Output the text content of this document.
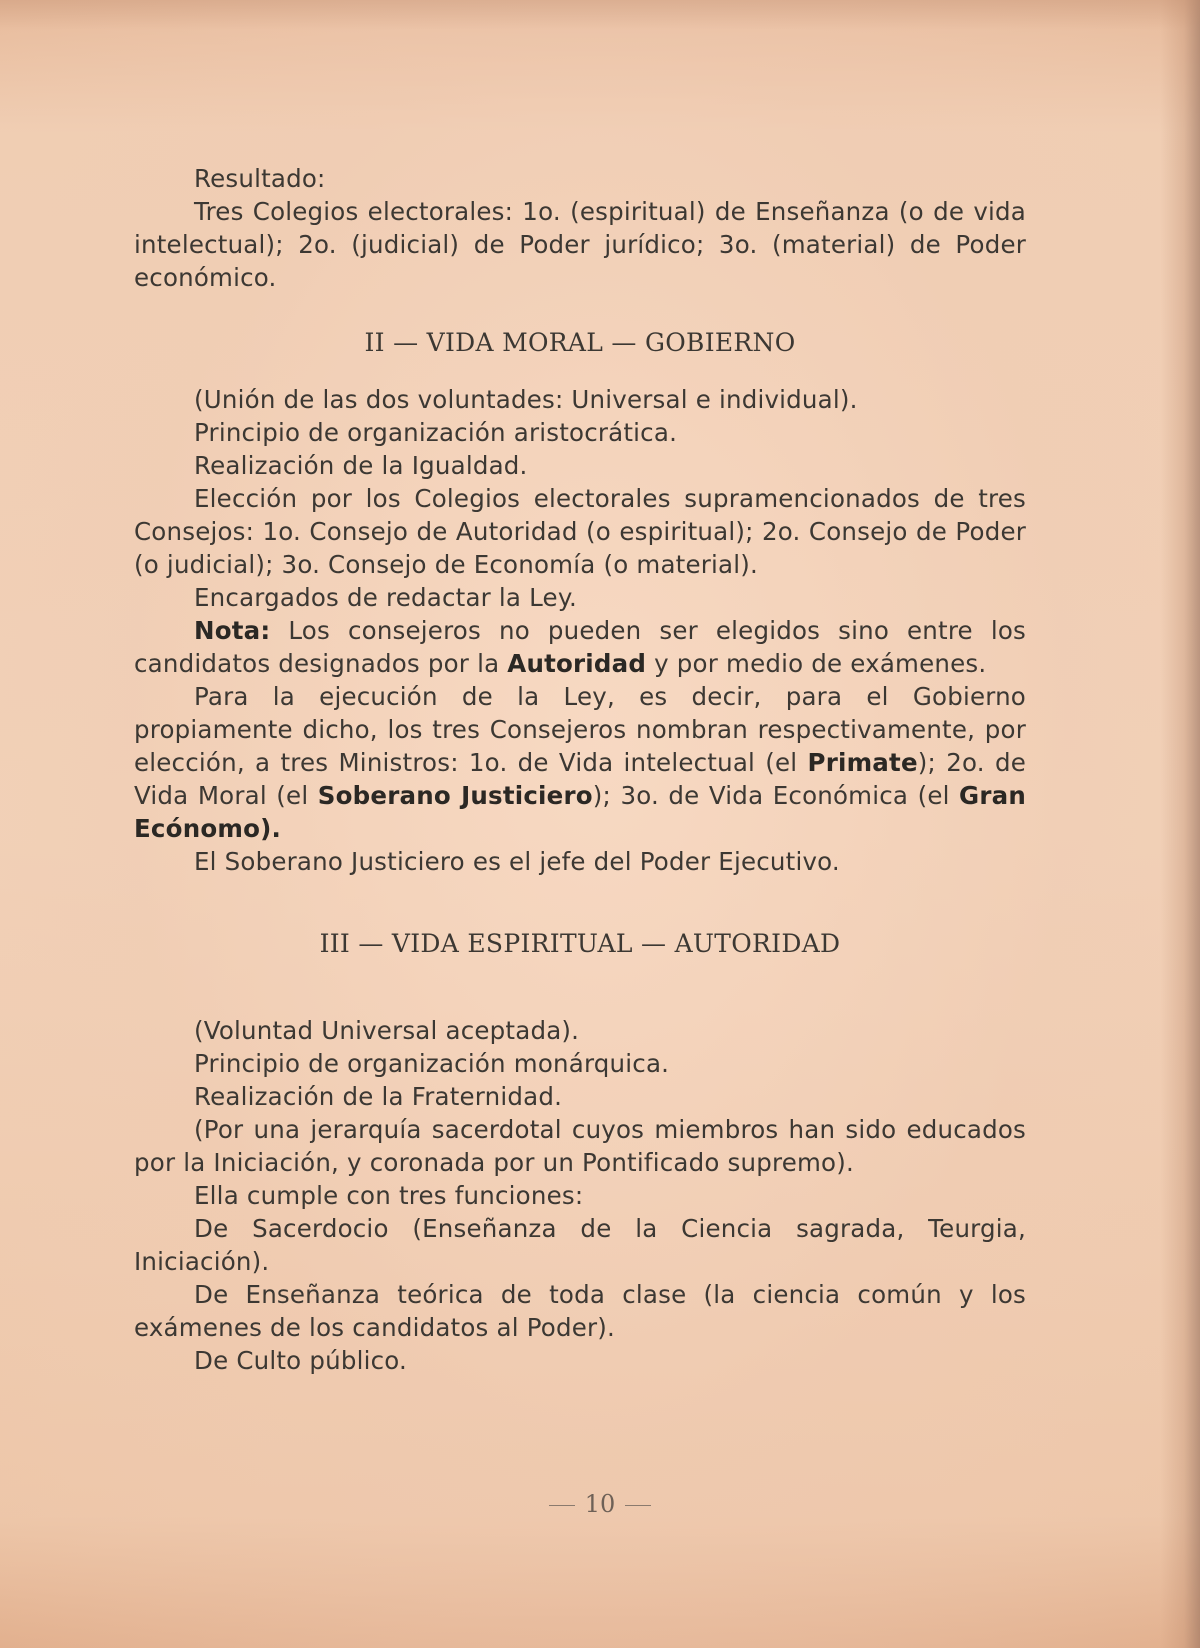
Resultado:

Tres Colegios electorales: 1o. (espiritual) de Enseñanza (o de vida intelectual); 2o. (judicial) de Poder jurídico; 3o. (material) de Poder económico.

II — VIDA MORAL — GOBIERNO

(Unión de las dos voluntades: Universal e individual).

Principio de organización aristocrática.

Realización de la Igualdad.

Elección por los Colegios electorales supramencionados de tres Consejos: 1o. Consejo de Autoridad (o espiritual); 2o. Consejo de Poder (o judicial); 3o. Consejo de Economía (o material).

Encargados de redactar la Ley.

Nota: Los consejeros no pueden ser elegidos sino entre los candidatos designados por la Autoridad y por medio de exámenes.

Para la ejecución de la Ley, es decir, para el Gobierno propiamente dicho, los tres Consejeros nombran respectivamente, por elección, a tres Ministros: 1o. de Vida intelectual (el Primate); 2o. de Vida Moral (el Soberano Justiciero); 3o. de Vida Económica (el Gran Ecónomo).

El Soberano Justiciero es el jefe del Poder Ejecutivo.

III — VIDA ESPIRITUAL — AUTORIDAD

(Voluntad Universal aceptada).

Principio de organización monárquica.

Realización de la Fraternidad.

(Por una jerarquía sacerdotal cuyos miembros han sido educados por la Iniciación, y coronada por un Pontificado supremo).

Ella cumple con tres funciones:

De Sacerdocio (Enseñanza de la Ciencia sagrada, Teurgia, Iniciación).

De Enseñanza teórica de toda clase (la ciencia común y los exámenes de los candidatos al Poder).

De Culto público.

10
